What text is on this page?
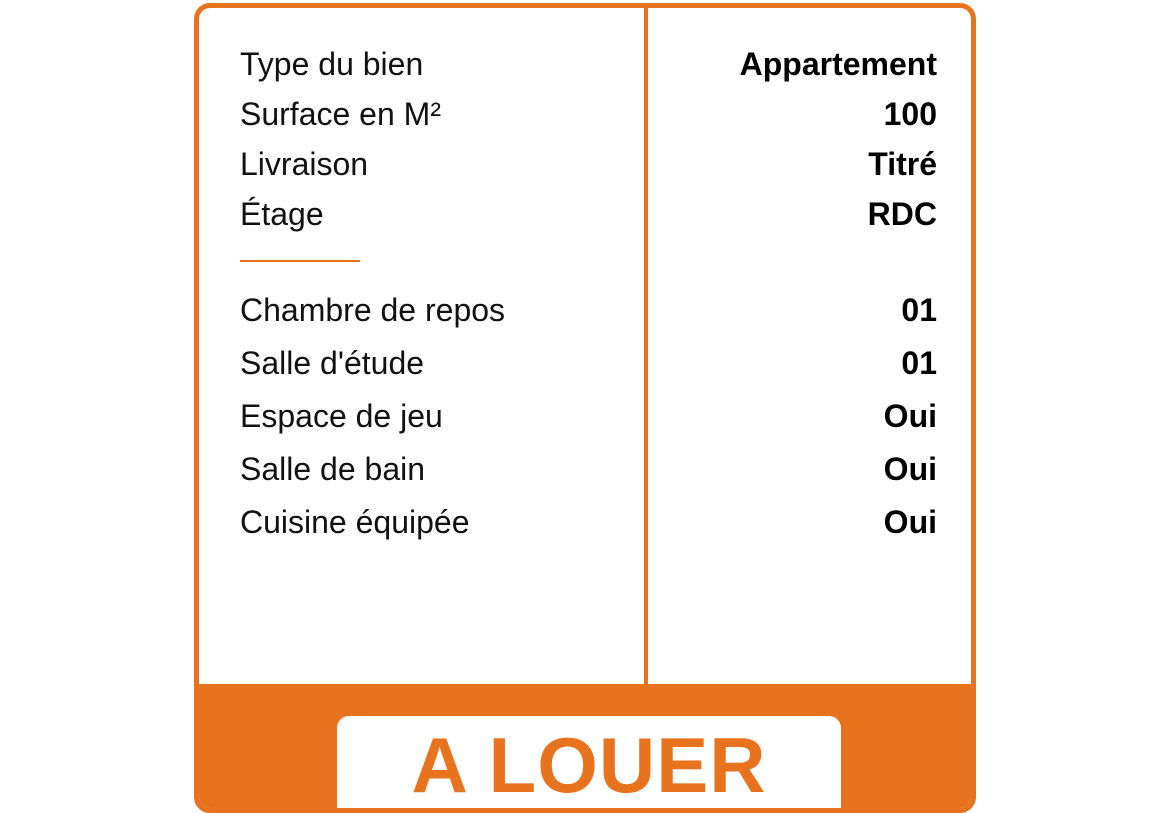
Type du bien	Appartement
Surface en M²	100
Livraison	Titré
Étage	RDC
Chambre de repos	01
Salle d'étude	01
Espace de jeu	Oui
Salle de bain	Oui
Cuisine équipée	Oui
A LOUER
